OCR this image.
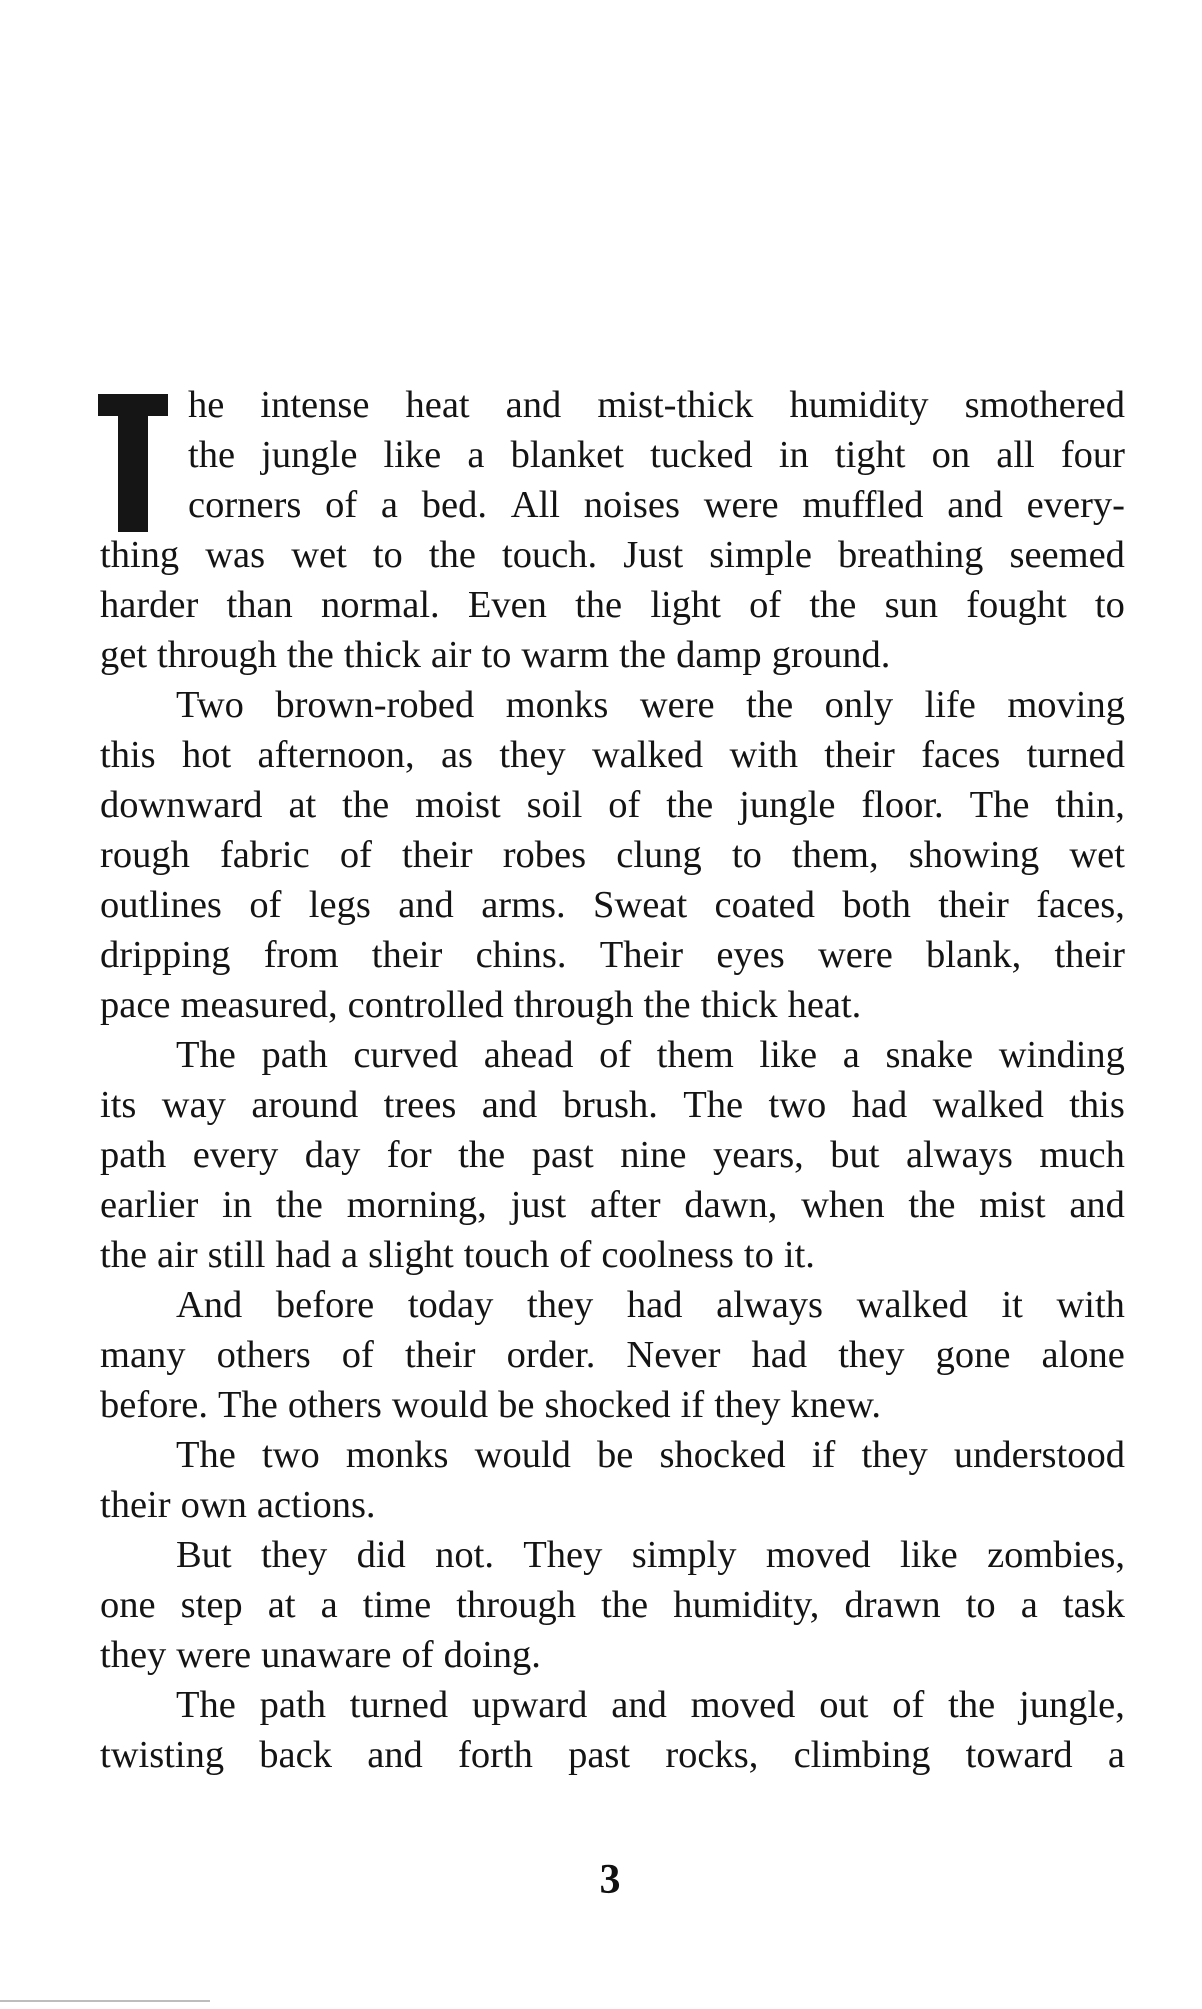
he intense heat and mist-thick humidity smothered
the jungle like a blanket tucked in tight on all four
corners of a bed. All noises were muffled and every-
thing was wet to the touch. Just simple breathing seemed
harder than normal. Even the light of the sun fought to
get through the thick air to warm the damp ground.
Two brown-robed monks were the only life moving
this hot afternoon, as they walked with their faces turned
downward at the moist soil of the jungle floor. The thin,
rough fabric of their robes clung to them, showing wet
outlines of legs and arms. Sweat coated both their faces,
dripping from their chins. Their eyes were blank, their
pace measured, controlled through the thick heat.
The path curved ahead of them like a snake winding
its way around trees and brush. The two had walked this
path every day for the past nine years, but always much
earlier in the morning, just after dawn, when the mist and
the air still had a slight touch of coolness to it.
And before today they had always walked it with
many others of their order. Never had they gone alone
before. The others would be shocked if they knew.
The two monks would be shocked if they understood
their own actions.
But they did not. They simply moved like zombies,
one step at a time through the humidity, drawn to a task
they were unaware of doing.
The path turned upward and moved out of the jungle,
twisting back and forth past rocks, climbing toward a
3
